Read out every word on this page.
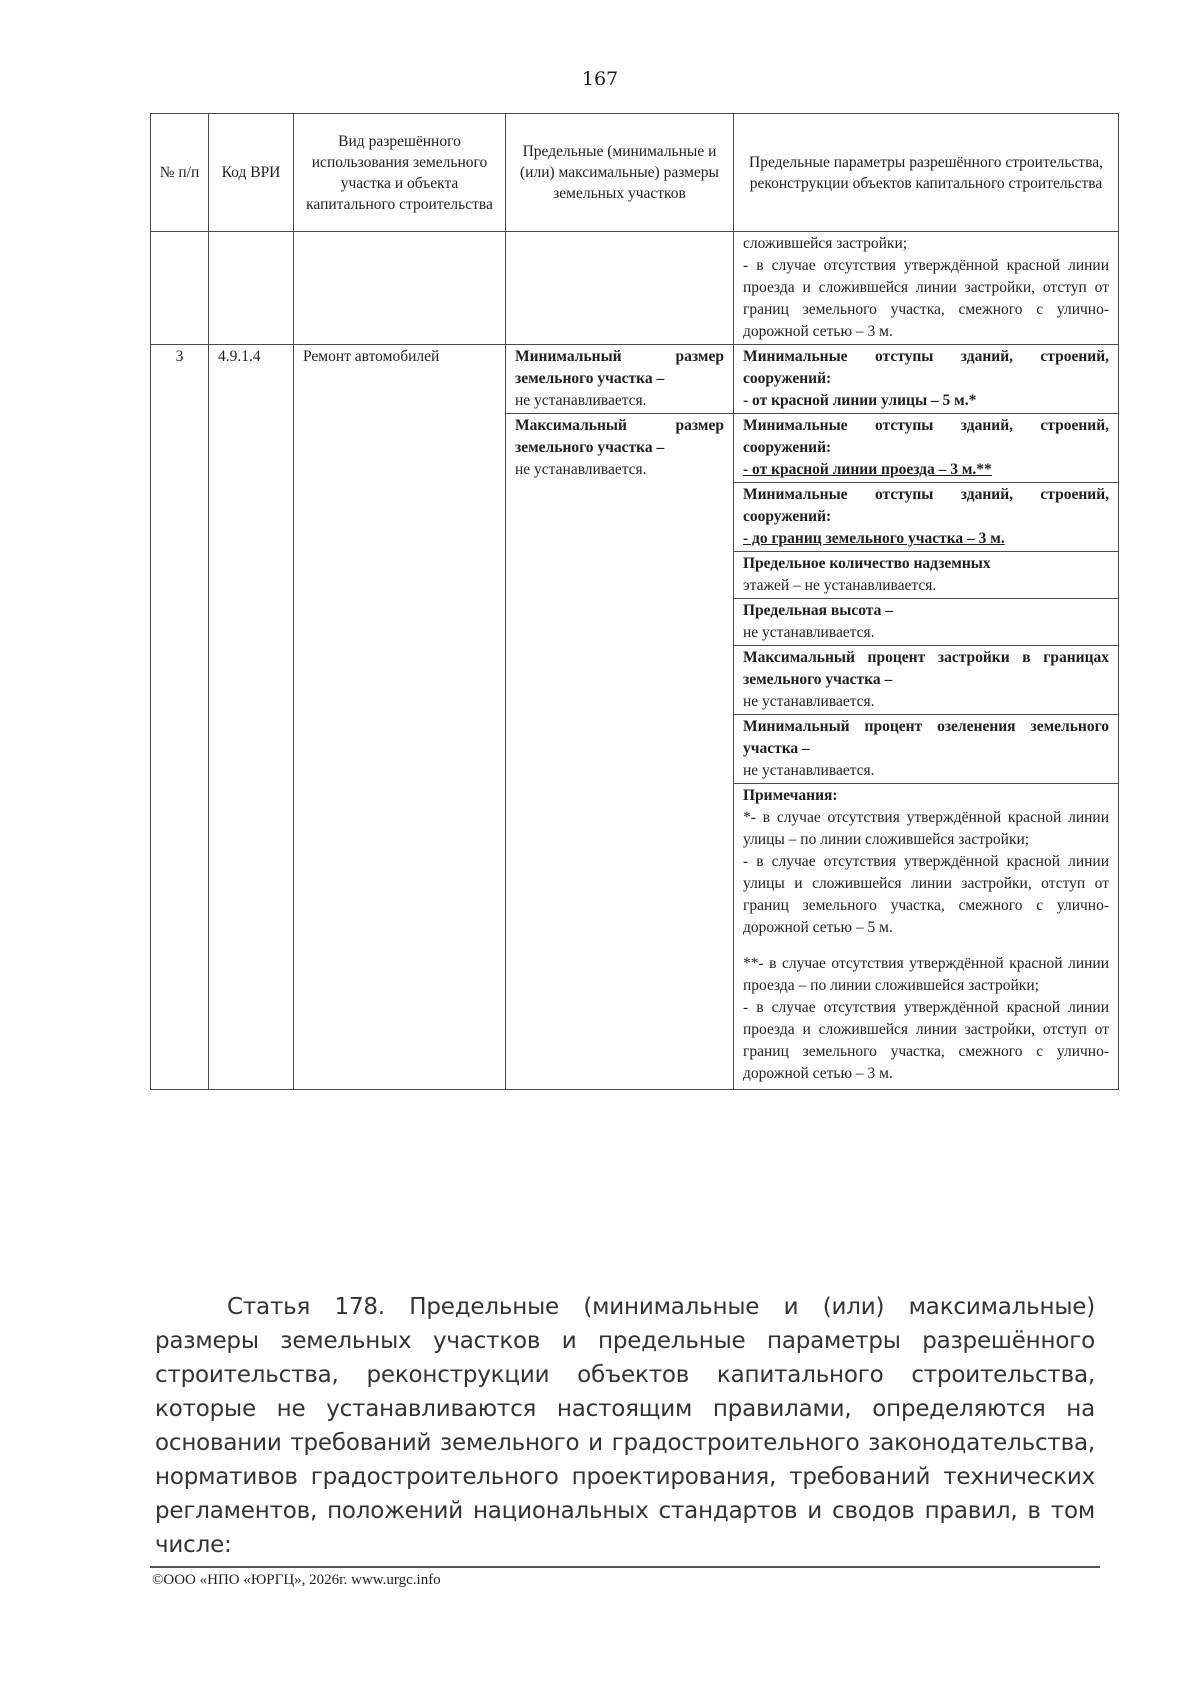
167
№ п/п	Код ВРИ	Вид разрешённого использования земельного участка и объекта капитального строительства	Предельные (минимальные и (или) максимальные) размеры земельных участков	Предельные параметры разрешённого строительства, реконструкции объектов капитального строительства

				сложившейся застройки;
- в случае отсутствия утверждённой красной линии проезда и сложившейся линии застройки, отступ от границ земельного участка, смежного с улично-дорожной сетью – 3 м.

3	4.9.1.4	Ремонт автомобилей	Минимальный размер земельного участка –
не устанавливается.	Минимальные отступы зданий, строений, сооружений:
- от красной линии улицы – 5 м.*
			Максимальный размер земельного участка –
не устанавливается.	Минимальные отступы зданий, строений, сооружений:
- от красной линии проезда – 3 м.**
				Минимальные отступы зданий, строений, сооружений:
- до границ земельного участка – 3 м.
				Предельное количество надземных
этажей – не устанавливается.
				Предельная высота –
не устанавливается.
				Максимальный процент застройки в границах земельного участка –
не устанавливается.
				Минимальный процент озеленения земельного участка –
не устанавливается.

				Примечания:
*- в случае отсутствия утверждённой красной линии улицы – по линии сложившейся застройки;
- в случае отсутствия утверждённой красной линии улицы и сложившейся линии застройки, отступ от границ земельного участка, смежного с улично-дорожной сетью – 5 м.
**- в случае отсутствия утверждённой красной линии проезда – по линии сложившейся застройки;
- в случае отсутствия утверждённой красной линии проезда и сложившейся линии застройки, отступ от границ земельного участка, смежного с улично-дорожной сетью – 3 м.
Статья 178. Предельные (минимальные и (или) максимальные) размеры земельных участков и предельные параметры разрешённого строительства, реконструкции объектов капитального строительства, которые не устанавливаются настоящим правилами, определяются на основании требований земельного и градостроительного законодательства, нормативов градостроительного проектирования, требований технических регламентов, положений национальных стандартов и сводов правил, в том числе:
©ООО «НПО «ЮРГЦ», 2026г. www.urgc.info
